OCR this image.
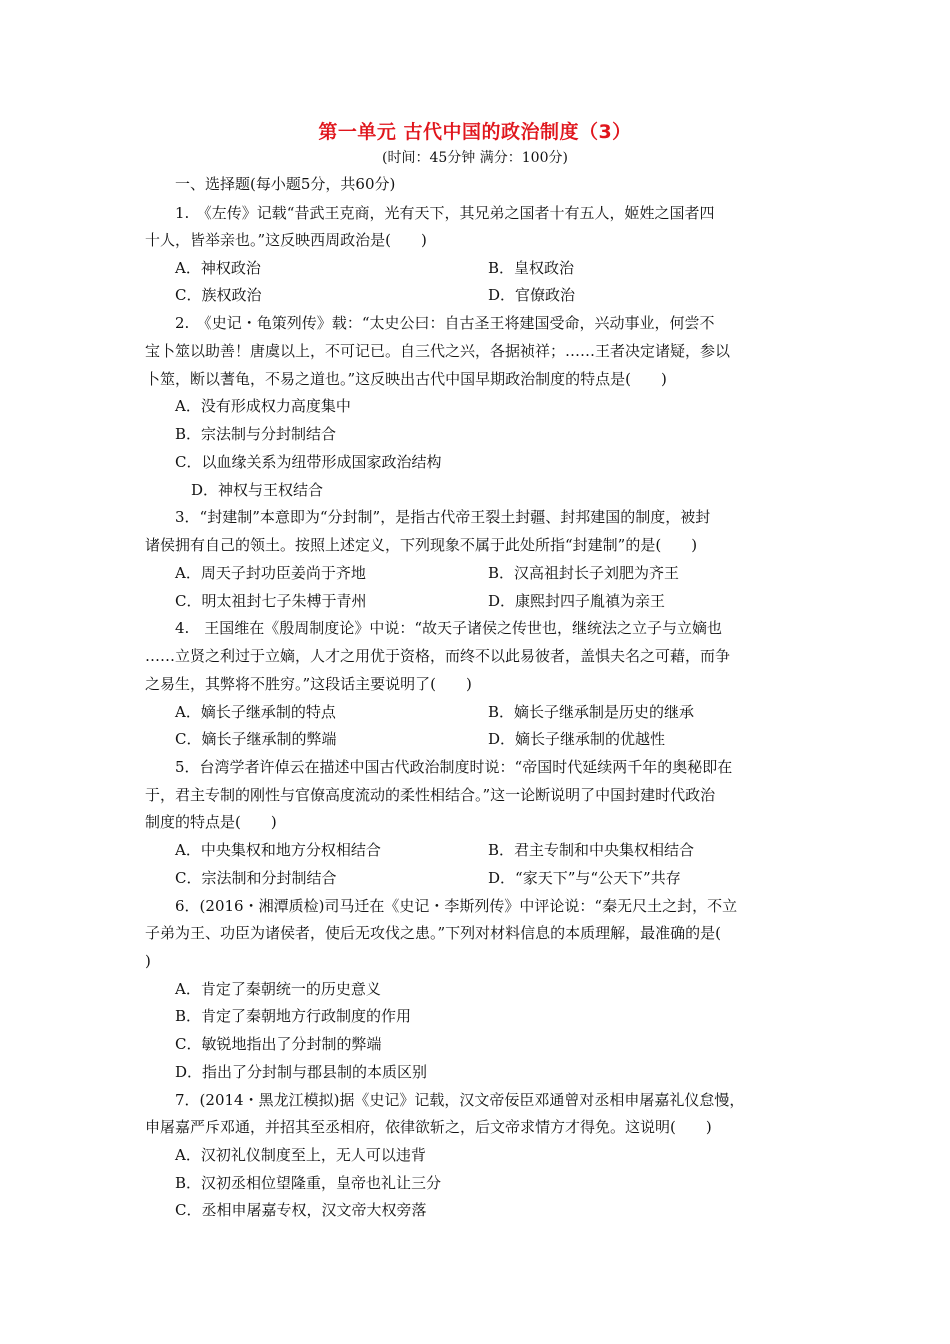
第一单元 古代中国的政治制度（3）
(时间：45分钟 满分：100分)
一、选择题(每小题5分，共60分)
1.　《左传》记载“昔武王克商，光有天下，其兄弟之国者十有五人，姬姓之国者四
十人，皆举亲也。”这反映西周政治是(　　)
A．神权政治	B．皇权政治
C．族权政治	D．官僚政治
2.　《史记・龟策列传》载：“太史公曰：自古圣王将建国受命，兴动事业，何尝不
宝卜筮以助善！唐虞以上，不可记已。自三代之兴，各据祯祥；……王者决定诸疑，参以
卜筮，断以蓍龟，不易之道也。”这反映出古代中国早期政治制度的特点是(　　)
A．没有形成权力高度集中
B．宗法制与分封制结合
C．以血缘关系为纽带形成国家政治结构
D．神权与王权结合
3．“封建制”本意即为“分封制”，是指古代帝王裂土封疆、封邦建国的制度，被封
诸侯拥有自己的领土。按照上述定义，下列现象不属于此处所指“封建制”的是(　　)
A．周天子封功臣姜尚于齐地	B．汉高祖封长子刘肥为齐王
C．明太祖封七子朱榑于青州	D．康熙封四子胤禛为亲王
4.　王国维在《殷周制度论》中说：“故天子诸侯之传世也，继统法之立子与立嫡也
……立贤之利过于立嫡，人才之用优于资格，而终不以此易彼者，盖惧夫名之可藉，而争
之易生，其弊将不胜穷。”这段话主要说明了(　　)
A．嫡长子继承制的特点	B．嫡长子继承制是历史的继承
C．嫡长子继承制的弊端	D．嫡长子继承制的优越性
5．台湾学者许倬云在描述中国古代政治制度时说：“帝国时代延续两千年的奥秘即在
于，君主专制的刚性与官僚高度流动的柔性相结合。”这一论断说明了中国封建时代政治
制度的特点是(　　)
A．中央集权和地方分权相结合	B．君主专制和中央集权相结合
C．宗法制和分封制结合	D．“家天下”与“公天下”共存
6．(2016・湘潭质检)司马迁在《史记・李斯列传》中评论说：“秦无尺土之封，不立
子弟为王、功臣为诸侯者，使后无攻伐之患。”下列对材料信息的本质理解，最准确的是(
)
A．肯定了秦朝统一的历史意义
B．肯定了秦朝地方行政制度的作用
C．敏锐地指出了分封制的弊端
D．指出了分封制与郡县制的本质区别
7．(2014・黑龙江模拟)据《史记》记载，汉文帝佞臣邓通曾对丞相申屠嘉礼仪怠慢，
申屠嘉严斥邓通，并招其至丞相府，依律欲斩之，后文帝求情方才得免。这说明(　　)
A．汉初礼仪制度至上，无人可以违背
B．汉初丞相位望隆重，皇帝也礼让三分
C．丞相申屠嘉专权，汉文帝大权旁落
